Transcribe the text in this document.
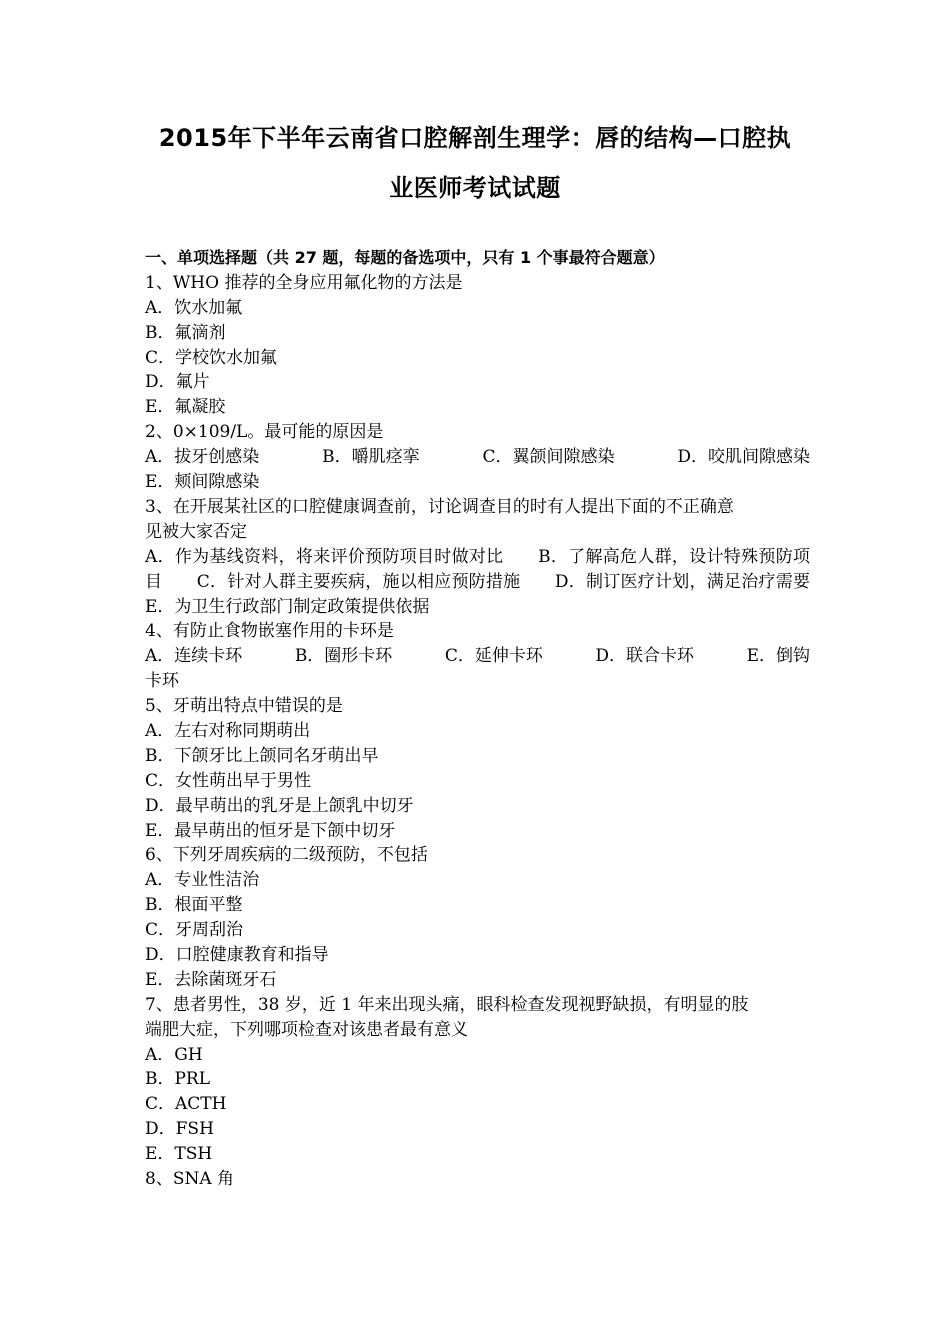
2015年下半年云南省口腔解剖生理学：唇的结构—口腔执
业医师考试试题
一、单项选择题（共 27 题，每题的备选项中，只有 1 个事最符合题意）
1、WHO 推荐的全身应用氟化物的方法是
A．饮水加氟
B．氟滴剂
C．学校饮水加氟
D．氟片
E．氟凝胶
2、0×109/L。最可能的原因是
A．拔牙创感染	B．嚼肌痉挛	C．翼颌间隙感染	D．咬肌间隙感染
E．颊间隙感染
3、在开展某社区的口腔健康调查前，讨论调查目的时有人提出下面的不正确意
见被大家否定
A．作为基线资料，将来评价预防项目时做对比　　B．了解高危人群，设计特殊预防项目　　C．针对人群主要疾病，施以相应预防措施　　D．制订医疗计划，满足治疗需要　　E．为卫生行政部门制定政策提供依据
4、有防止食物嵌塞作用的卡环是
A．连续卡环	B．圈形卡环	C．延伸卡环	D．联合卡环	E．倒钩
卡环
5、牙萌出特点中错误的是
A．左右对称同期萌出
B．下颌牙比上颌同名牙萌出早
C．女性萌出早于男性
D．最早萌出的乳牙是上颌乳中切牙
E．最早萌出的恒牙是下颌中切牙
6、下列牙周疾病的二级预防，不包括
A．专业性洁治
B．根面平整
C．牙周刮治
D．口腔健康教育和指导
E．去除菌斑牙石
7、患者男性，38 岁，近 1 年来出现头痛，眼科检查发现视野缺损，有明显的肢
端肥大症，下列哪项检查对该患者最有意义
A．GH
B．PRL
C．ACTH
D．FSH
E．TSH
8、SNA 角
